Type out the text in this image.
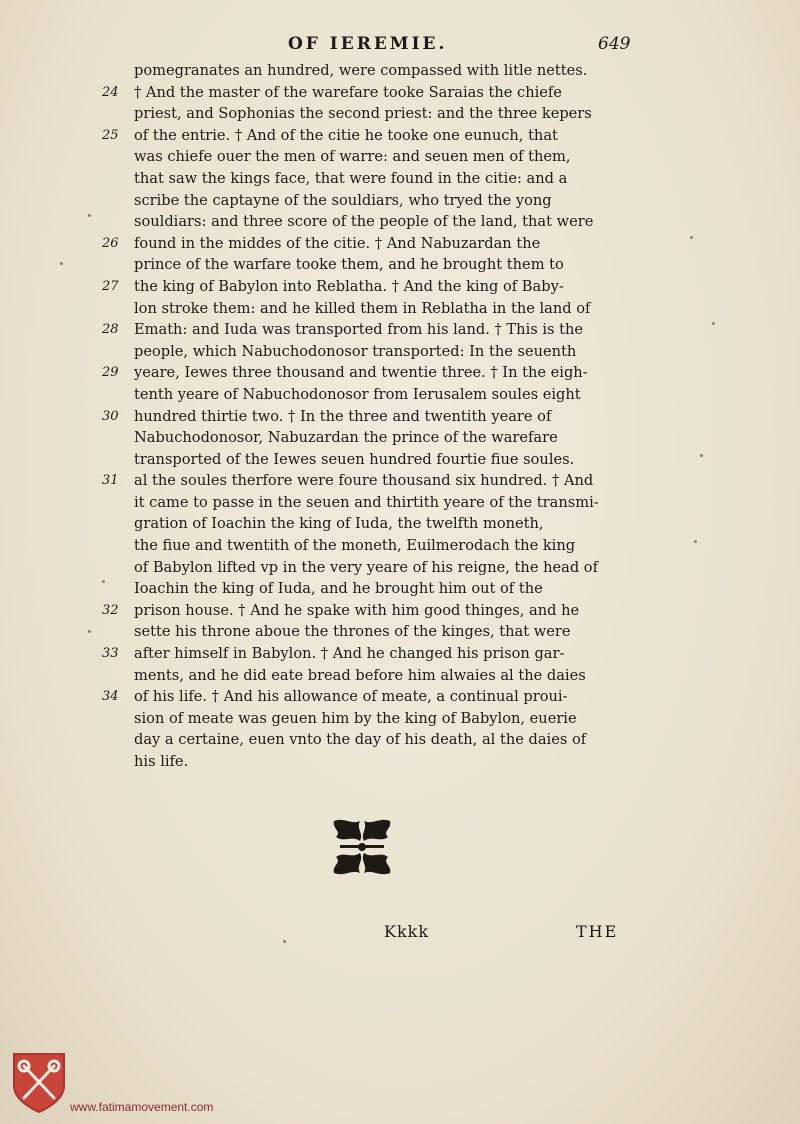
OF IEREMIE.	649
pomegranates an hundred, were compassed with litle nettes.
24	† And the master of the warefare tooke Saraias the chiefe
priest, and Sophonias the second priest: and the three kepers
25	of the entrie. † And of the citie he tooke one eunuch, that
was chiefe ouer the men of warre: and seuen men of them,
that saw the kings face, that were found in the citie: and a
scribe the captayne of the souldiars, who tryed the yong
souldiars: and three score of the people of the land, that were
26	found in the middes of the citie. † And Nabuzardan the
prince of the warfare tooke them, and he brought them to
27	the king of Babylon into Reblatha. † And the king of Baby-
lon stroke them: and he killed them in Reblatha in the land of
28	Emath: and Iuda was transported from his land. † This is the
people, which Nabuchodonosor transported: In the seuenth
29	yeare, Iewes three thousand and twentie three. † In the eigh-
tenth yeare of Nabuchodonosor from Ierusalem soules eight
30	hundred thirtie two. † In the three and twentith yeare of
Nabuchodonosor, Nabuzardan the prince of the warefare
transported of the Iewes seuen hundred fourtie fiue soules.
31	al the soules therfore were foure thousand six hundred. † And
it came to passe in the seuen and thirtith yeare of the transmi-
gration of Ioachin the king of Iuda, the twelfth moneth,
the fiue and twentith of the moneth, Euilmerodach the king
of Babylon lifted vp in the very yeare of his reigne, the head of
Ioachin the king of Iuda, and he brought him out of the
32	prison house. † And he spake with him good thinges, and he
sette his throne aboue the thrones of the kinges, that were
33	after himself in Babylon. † And he changed his prison gar-
ments, and he did eate bread before him alwaies al the daies
34	of his life. † And his allowance of meate, a continual proui-
sion of meate was geuen him by the king of Babylon, euerie
day a certaine, euen vnto the day of his death, al the daies of
his life.
Kkkk	THE
www.fatimamovement.com
